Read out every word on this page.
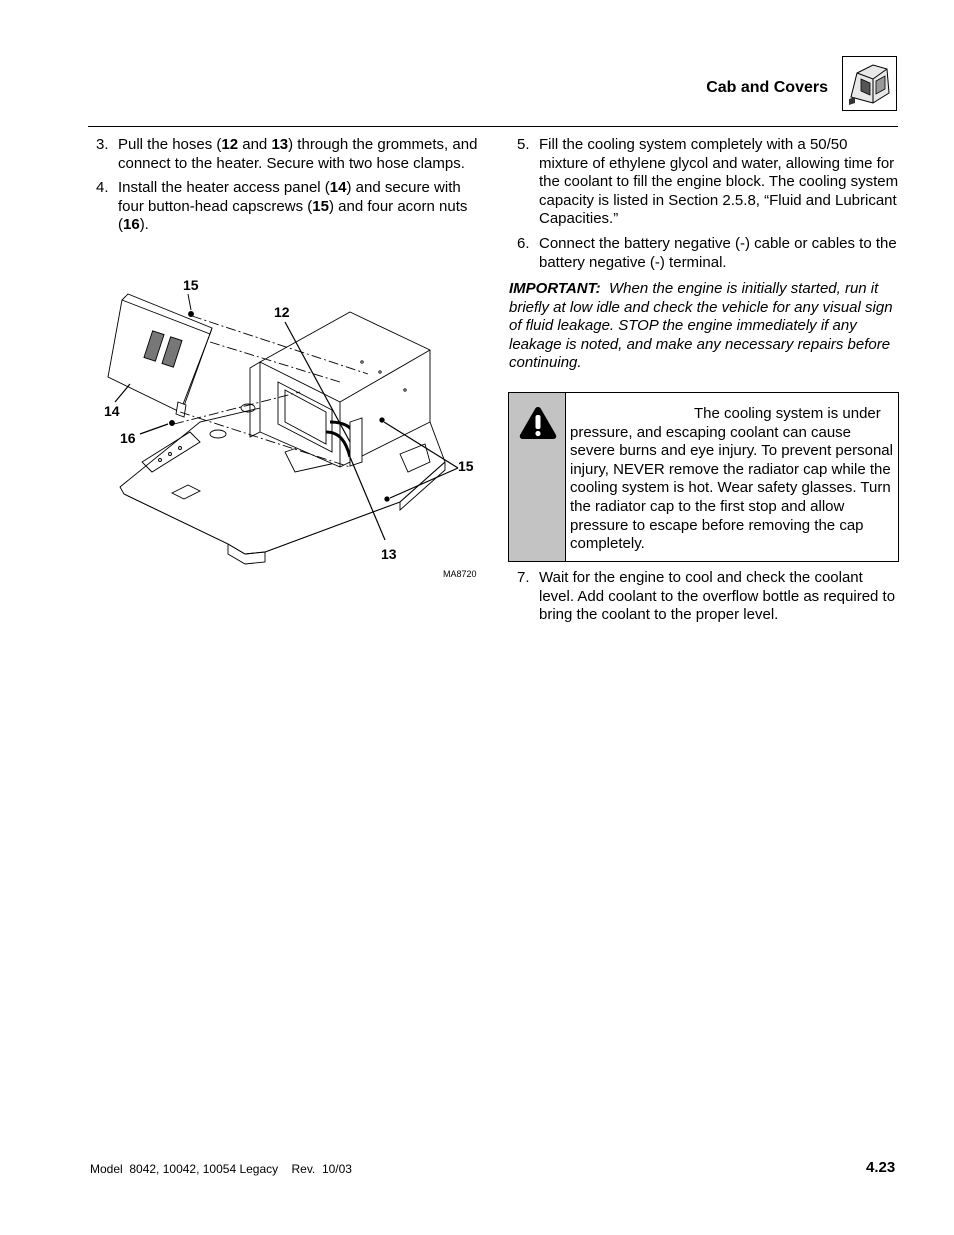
Cab and Covers
3. Pull the hoses (12 and 13) through the grommets, and connect to the heater. Secure with two hose clamps.
4. Install the heater access panel (14) and secure with four button-head capscrews (15) and four acorn nuts (16).
15
12
14
16
15
13
MA8720
5. Fill the cooling system completely with a 50/50 mixture of ethylene glycol and water, allowing time for the coolant to fill the engine block. The cooling system capacity is listed in Section 2.5.8, “Fluid and Lubricant Capacities.”
6. Connect the battery negative (-) cable or cables to the battery negative (-) terminal.
IMPORTANT: When the engine is initially started, run it briefly at low idle and check the vehicle for any visual sign of fluid leakage. STOP the engine immediately if any leakage is noted, and make any necessary repairs before continuing.
The cooling system is under pressure, and escaping coolant can cause severe burns and eye injury. To prevent personal injury, NEVER remove the radiator cap while the cooling system is hot. Wear safety glasses. Turn the radiator cap to the first stop and allow pressure to escape before removing the cap completely.
7. Wait for the engine to cool and check the coolant level. Add coolant to the overflow bottle as required to bring the coolant to the proper level.
Model  8042, 10042, 10054 Legacy    Rev.  10/03	4.23
